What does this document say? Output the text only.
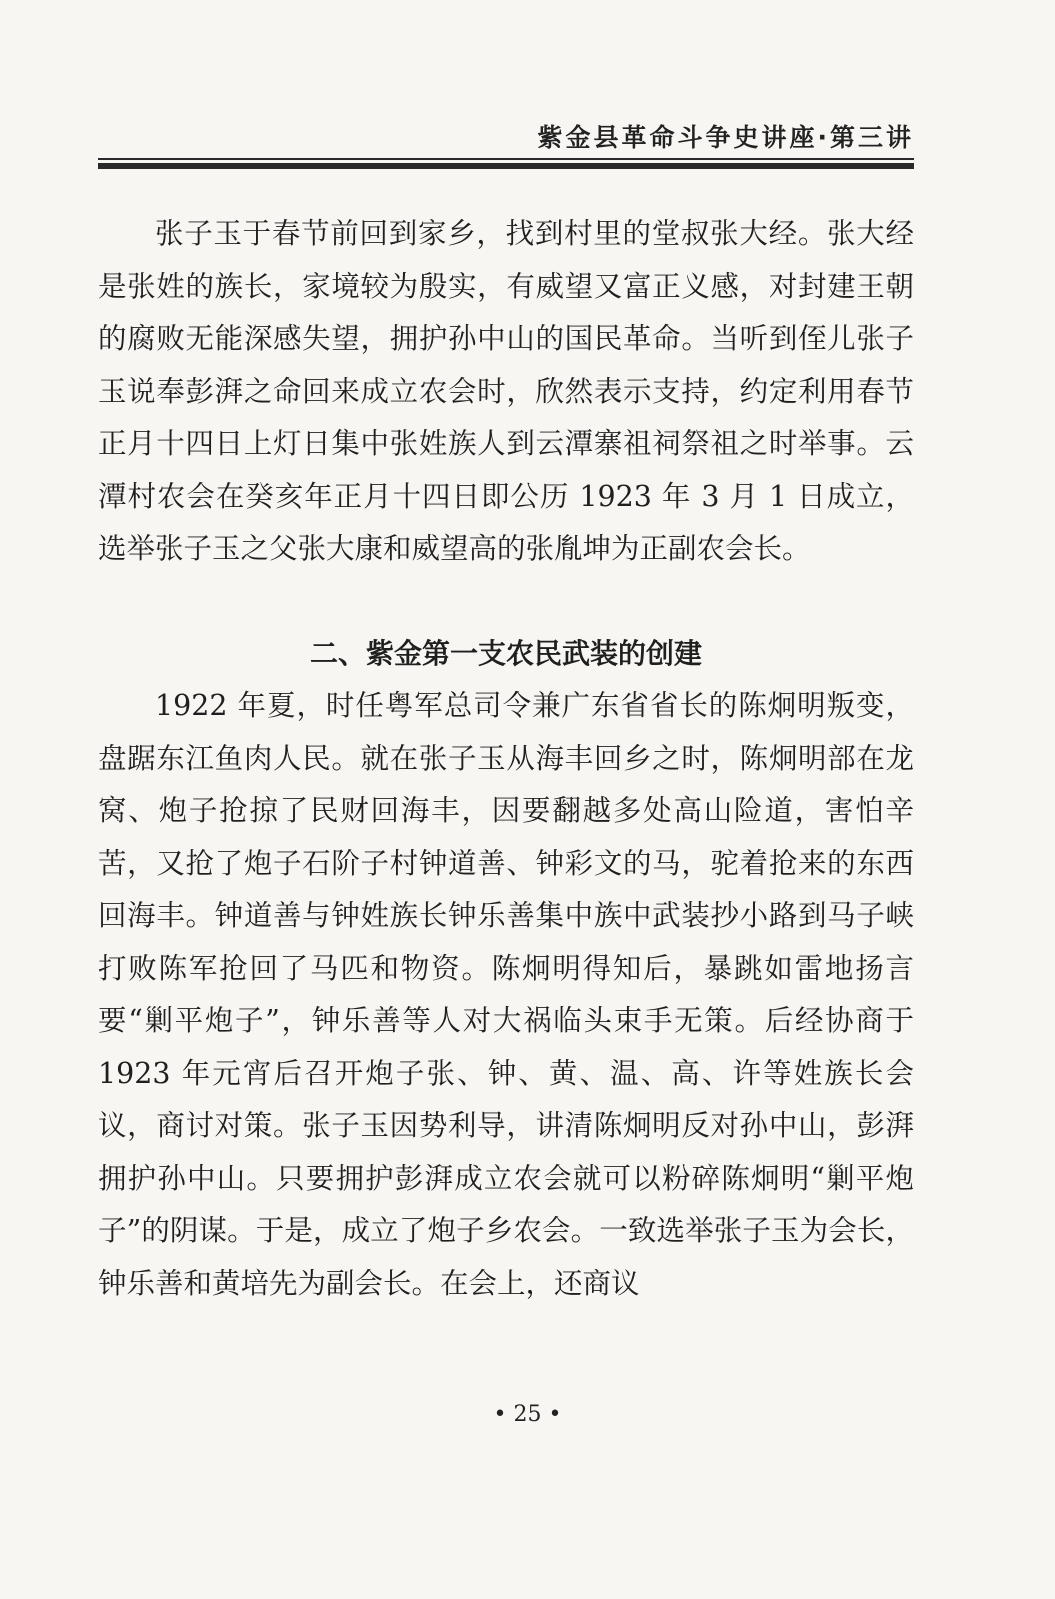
紫金县革命斗争史讲座·第三讲

张子玉于春节前回到家乡，找到村里的堂叔张大经。张大经是张姓的族长，家境较为殷实，有威望又富正义感，对封建王朝的腐败无能深感失望，拥护孙中山的国民革命。当听到侄儿张子玉说奉彭湃之命回来成立农会时，欣然表示支持，约定利用春节正月十四日上灯日集中张姓族人到云潭寨祖祠祭祖之时举事。云潭村农会在癸亥年正月十四日即公历 1923 年 3 月 1 日成立，选举张子玉之父张大康和威望高的张胤坤为正副农会长。

二、紫金第一支农民武装的创建

1922 年夏，时任粤军总司令兼广东省省长的陈炯明叛变，盘踞东江鱼肉人民。就在张子玉从海丰回乡之时，陈炯明部在龙窝、炮子抢掠了民财回海丰，因要翻越多处高山险道，害怕辛苦，又抢了炮子石阶子村钟道善、钟彩文的马，驼着抢来的东西回海丰。钟道善与钟姓族长钟乐善集中族中武装抄小路到马子峡打败陈军抢回了马匹和物资。陈炯明得知后，暴跳如雷地扬言要“剿平炮子”，钟乐善等人对大祸临头束手无策。后经协商于 1923 年元宵后召开炮子张、钟、黄、温、高、许等姓族长会议，商讨对策。张子玉因势利导，讲清陈炯明反对孙中山，彭湃拥护孙中山。只要拥护彭湃成立农会就可以粉碎陈炯明“剿平炮子”的阴谋。于是，成立了炮子乡农会。一致选举张子玉为会长，钟乐善和黄培先为副会长。在会上，还商议

• 25 •
